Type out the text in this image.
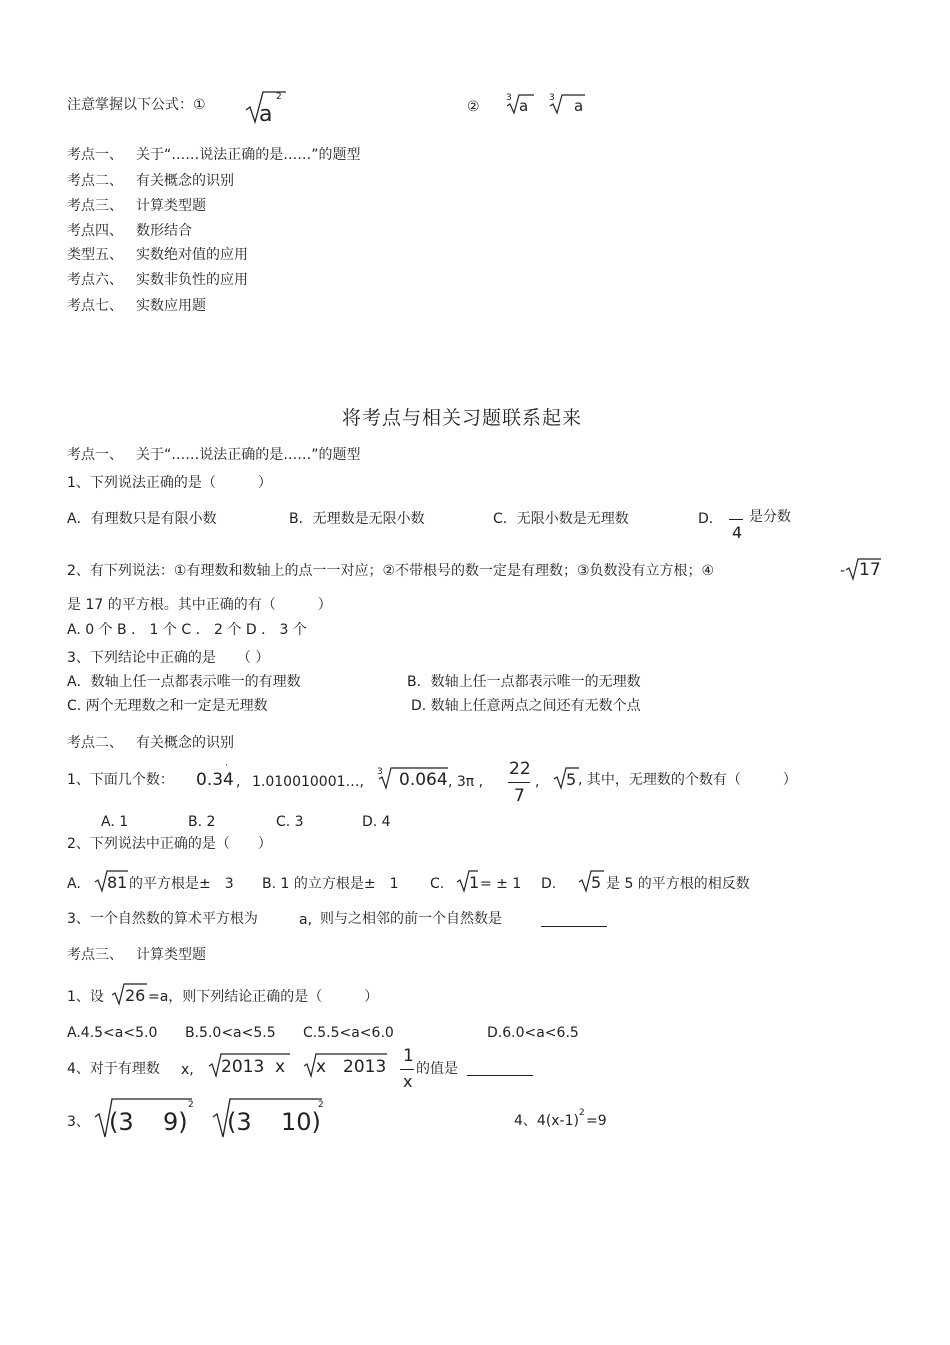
注意掌握以下公式：① a
2
②
3 a 3 a
考点一、 关于“……说法正确的是……”的题型
考点二、 有关概念的识别
考点三、 计算类型题
考点四、 数形结合
类型五、 实数绝对值的应用
考点六、 实数非负性的应用
考点七、 实数应用题
将考点与相关习题联系起来
考点一、 关于“……说法正确的是……”的题型
1、下列说法正确的是（　　　）
A．有理数只是有限小数	B．无理数是无限小数	C．无限小数是无理数	D．
4
是分数
2、有下列说法：①有理数和数轴上的点一一对应；②不带根号的数一定是有理数；③负数没有立方根；④	- 17
是 17 的平方根。其中正确的有（　　　）
A. 0 个 B ． 1 个 C ． 2 个 D ． 3 个
3、下列结论中正确的是　　（ ）
A．数轴上任一点都表示唯一的有理数	B．数轴上任一点都表示唯一的无理数
C. 两个无理数之和一定是无理数	D. 数轴上任意两点之间还有无数个点
考点二、 有关概念的识别
1、下面几个数： 0.34
·
, 1.010010001…,
3 0.064 , 3π ,
22
7
, 5 , 其中，无理数的个数有（　　　）
A. 1	B. 2	C. 3	D. 4
2、下列说法中正确的是（　　）
A. 81 的平方根是±　3 B. 1 的立方根是±　1 C. 1 = ± 1 D. 5 是 5 的平方根的相反数
3、一个自然数的算术平方根为	a, 则与之相邻的前一个自然数是
考点三、 计算类型题
1、设 26 =a，则下列结论正确的是（　　　）
A.4.5<a<5.0 B.5.0<a<5.5 C.5.5<a<6.0	D.6.0<a<6.5
4、对于有理数 x, 2013 x x 2013
1
x
的值是
3、 (3 9)
2
(3 10)
2
4、4(x-1) 2 =9
